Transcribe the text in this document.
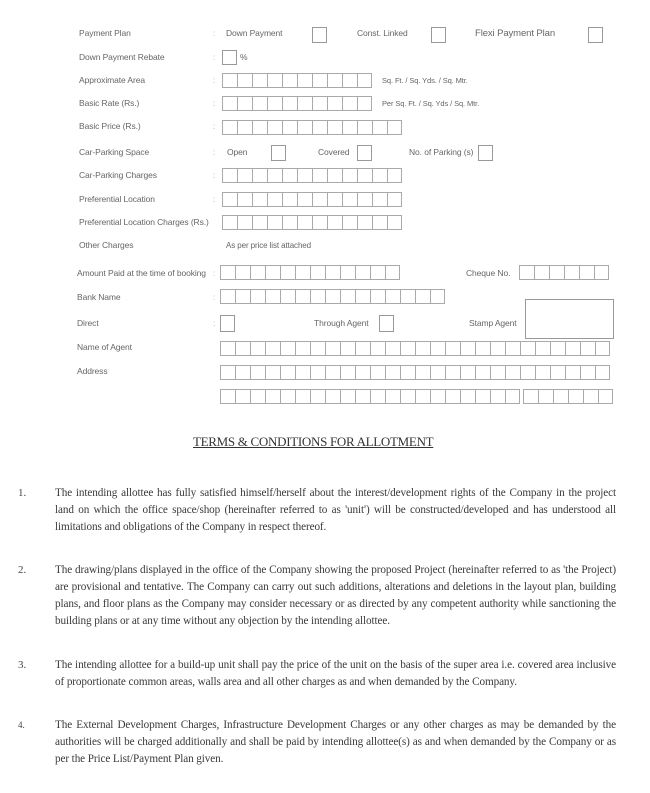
Payment Plan	: Down Payment	Const. Linked	Flexi Payment Plan
Down Payment Rebate	:	%
Approximate Area	:	Sq. Ft. / Sq. Yds. / Sq. Mtr.
Basic Rate (Rs.)	:	Per Sq. Ft. / Sq. Yds / Sq. Mtr.
Basic Price (Rs.)	:
Car-Parking Space	: Open	Covered	No. of Parking (s)
Car-Parking Charges	:
Preferential Location	:
Preferential Location Charges (Rs.)
Other Charges	As per price list attached
Amount Paid at the time of booking :	Cheque No.
Bank Name	:
Direct	:	Through Agent	Stamp Agent
Name of Agent
Address
TERMS & CONDITIONS FOR ALLOTMENT
1.	The intending allottee has fully satisfied himself/herself about the interest/development rights of the Company in the project land on which the office space/shop (hereinafter referred to as 'unit') will be constructed/developed and has understood all limitations and obligations of the Company in respect thereof.
2.	The drawing/plans displayed in the office of the Company showing the proposed Project (hereinafter referred to as 'the Project) are provisional and tentative. The Company can carry out such additions, alterations and deletions in the layout plan, building plans, and floor plans as the Company may consider necessary or as directed by any competent authority while sanctioning the building plans or at any time without any objection by the intending allottee.
3.	The intending allottee for a build-up unit shall pay the price of the unit on the basis of the super area i.e. covered area inclusive of proportionate common areas, walls area and all other charges as and when demanded by the Company.
4.	The External Development Charges, Infrastructure Development Charges or any other charges as may be demanded by the authorities will be charged additionally and shall be paid by intending allottee(s) as and when demanded by the Company or as per the Price List/Payment Plan given.
